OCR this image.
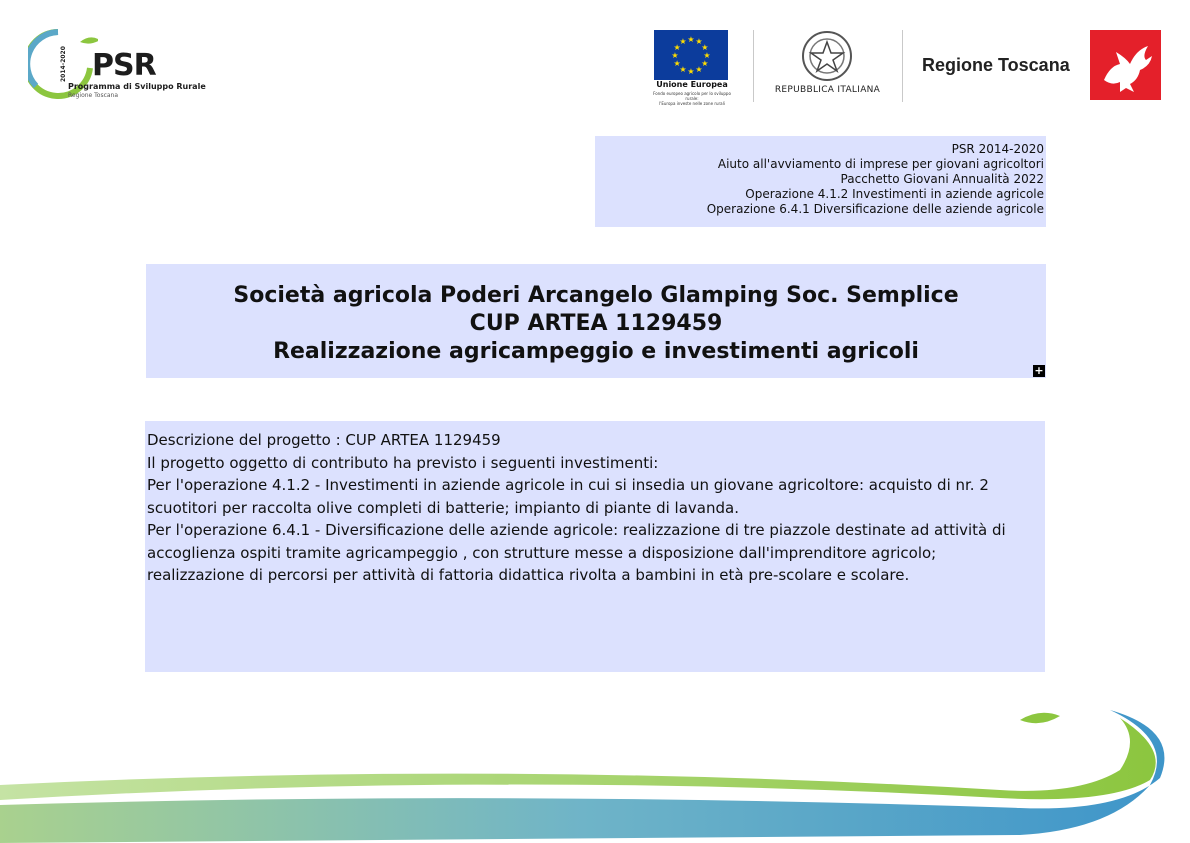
2014-2020 PSR
Programma di Sviluppo Rurale
Regione Toscana
★
★
★
★
★
★
★
★
★ ★ ★
★
Unione Europea
Fondo europeo agricolo per lo sviluppo rurale:
l'Europa investe nelle zone rurali
REPUBBLICA ITALIANA
Regione Toscana
PSR 2014-2020
Aiuto all'avviamento di imprese per giovani agricoltori
Pacchetto Giovani Annualità 2022
Operazione 4.1.2 Investimenti in aziende agricole
Operazione 6.4.1 Diversificazione delle aziende agricole
Società agricola Poderi Arcangelo Glamping Soc. Semplice
CUP ARTEA 1129459
Realizzazione agricampeggio e investimenti agricoli
+
Descrizione del progetto : CUP ARTEA 1129459
Il progetto oggetto di contributo ha previsto i seguenti investimenti:
Per l'operazione 4.1.2 - Investimenti in aziende agricole in cui si insedia un giovane agricoltore: acquisto di nr. 2
scuotitori per raccolta olive completi di batterie; impianto di piante di lavanda.
Per l'operazione 6.4.1 - Diversificazione delle aziende agricole: realizzazione di tre piazzole destinate ad attività di
accoglienza ospiti tramite agricampeggio , con strutture messe a disposizione dall'imprenditore agricolo;
realizzazione di percorsi per attività di fattoria didattica rivolta a bambini in età pre-scolare e scolare.
